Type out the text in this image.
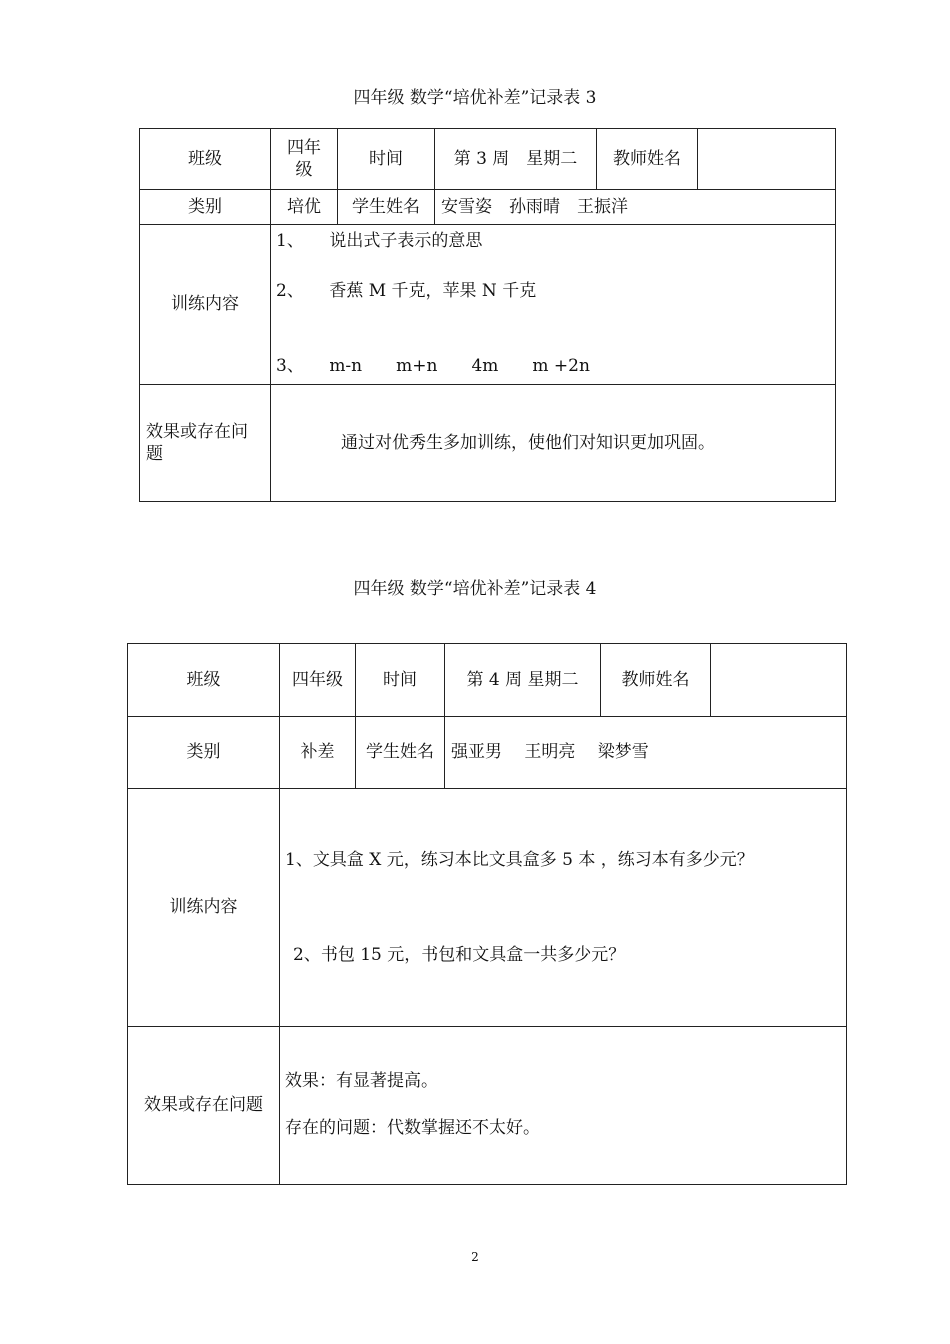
四年级 数学“培优补差”记录表 3
班级	四年级	时间	第 3 周　星期二	教师姓名	
类别	培优	学生姓名	安雪姿　孙雨晴　王振洋		
训练内容	1、　　说出式子表示的意思
2、　　香蕉 M 千克，苹果 N 千克
3、　　m-n　　m+n　　4m　　m +2n				

效果或存在问题	通过对优秀生多加训练，使他们对知识更加巩固。				
四年级 数学“培优补差”记录表 4
班级	四年级	时间	第 4 周 星期二	教师姓名	
类别	补差	学生姓名	强亚男　 王明亮　 梁梦雪		
训练内容	1、文具盒 X 元，练习本比文具盒多 5 本 ，练习本有多少元？
2、书包 15 元，书包和文具盒一共多少元？				

效果或存在问题	效果：有显著提高。
存在的问题：代数掌握还不太好。				
2
